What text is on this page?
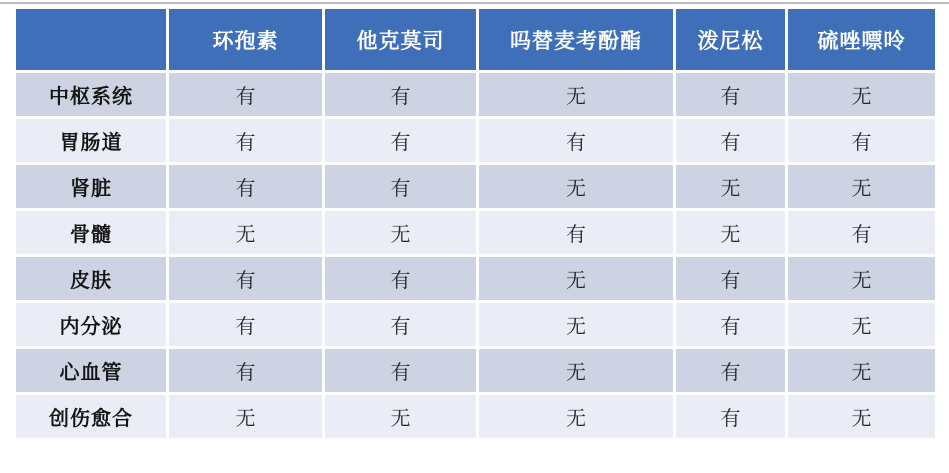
	环孢素	他克莫司	吗替麦考酚酯	泼尼松	硫唑嘌呤
中枢系统	有	有	无	有	无
胃肠道	有	有	有	有	有
肾脏	有	有	无	无	无
骨髓	无	无	有	无	有
皮肤	有	有	无	有	无
内分泌	有	有	无	有	无
心血管	有	有	无	有	无
创伤愈合	无	无	无	有	无
